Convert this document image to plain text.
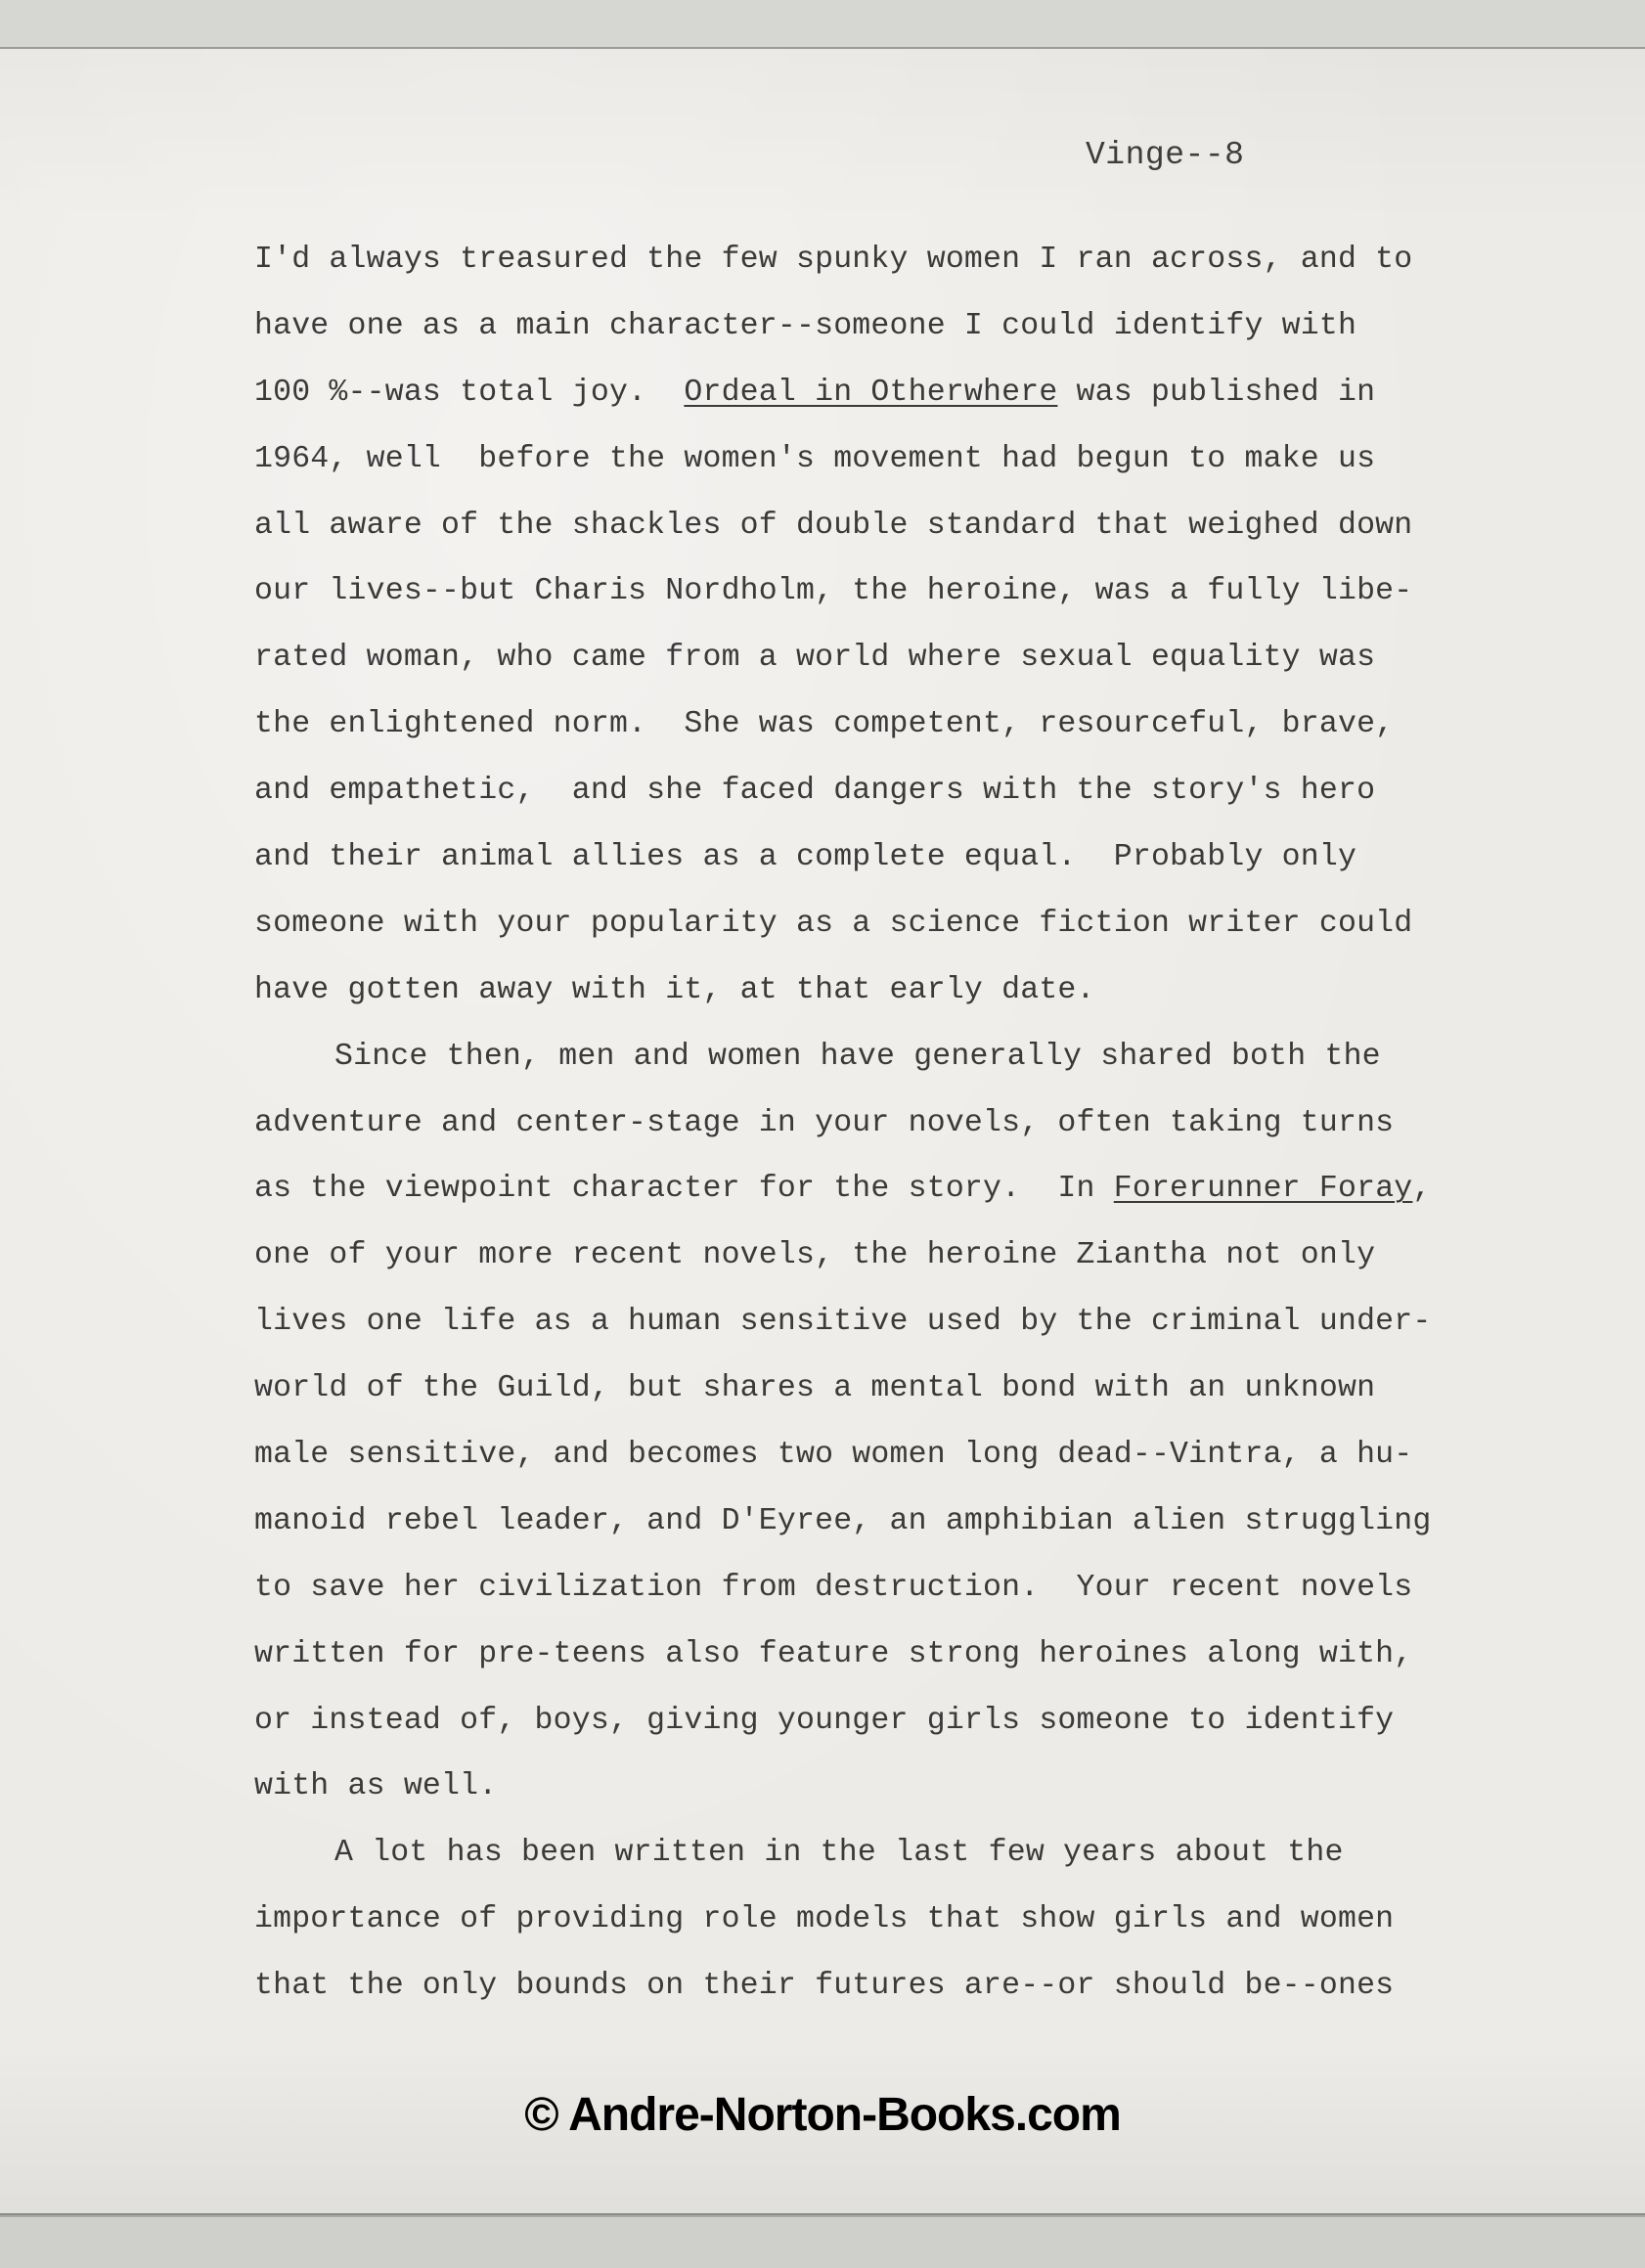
Vinge--8
I'd always treasured the few spunky women I ran across, and to
have one as a main character--someone I could identify with
100 %--was total joy.  Ordeal in Otherwhere was published in
1964, well  before the women's movement had begun to make us
all aware of the shackles of double standard that weighed down
our lives--but Charis Nordholm, the heroine, was a fully libe-
rated woman, who came from a world where sexual equality was
the enlightened norm.  She was competent, resourceful, brave,
and empathetic,  and she faced dangers with the story's hero
and their animal allies as a complete equal.  Probably only
someone with your popularity as a science fiction writer could
have gotten away with it, at that early date.
Since then, men and women have generally shared both the
adventure and center-stage in your novels, often taking turns
as the viewpoint character for the story.  In Forerunner Foray,
one of your more recent novels, the heroine Ziantha not only
lives one life as a human sensitive used by the criminal under-
world of the Guild, but shares a mental bond with an unknown
male sensitive, and becomes two women long dead--Vintra, a hu-
manoid rebel leader, and D'Eyree, an amphibian alien struggling
to save her civilization from destruction.  Your recent novels
written for pre-teens also feature strong heroines along with,
or instead of, boys, giving younger girls someone to identify
with as well.
A lot has been written in the last few years about the
importance of providing role models that show girls and women
that the only bounds on their futures are--or should be--ones
© Andre-Norton-Books.com
